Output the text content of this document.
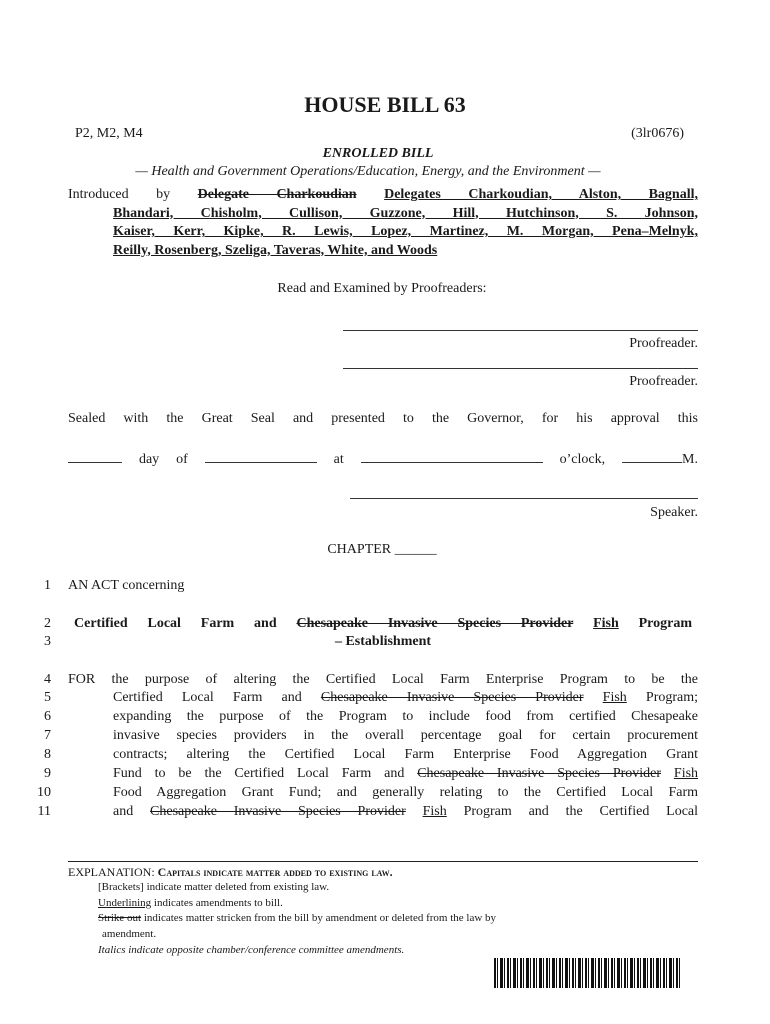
HOUSE BILL 63
P2, M2, M4	(3lr0676)
ENROLLED BILL
— Health and Government Operations/Education, Energy, and the Environment —
Introduced by Delegate Charkoudian Delegates Charkoudian, Alston, Bagnall,
Bhandari, Chisholm, Cullison, Guzzone, Hill, Hutchinson, S. Johnson,
Kaiser, Kerr, Kipke, R. Lewis, Lopez, Martinez, M. Morgan, Pena–Melnyk,
Reilly, Rosenberg, Szeliga, Taveras, White, and Woods
Read and Examined by Proofreaders:
Proofreader.
Proofreader.
Sealed with the Great Seal and presented to the Governor, for his approval this
day of	at	o’clock,	M.
Speaker.
CHAPTER ______
1 AN ACT concerning
2	Certified Local Farm and Chesapeake Invasive Species Provider Fish Program
3	– Establishment
4 FOR the purpose of altering the Certified Local Farm Enterprise Program to be the
5	Certified Local Farm and Chesapeake Invasive Species Provider Fish Program;
6	expanding the purpose of the Program to include food from certified Chesapeake
7	invasive species providers in the overall percentage goal for certain procurement
8	contracts; altering the Certified Local Farm Enterprise Food Aggregation Grant
9	Fund to be the Certified Local Farm and Chesapeake Invasive Species Provider Fish
10	Food Aggregation Grant Fund; and generally relating to the Certified Local Farm
11	and Chesapeake Invasive Species Provider Fish Program and the Certified Local
EXPLANATION: Capitals indicate matter added to existing law.
[Brackets] indicate matter deleted from existing law.
Underlining indicates amendments to bill.
Strike out indicates matter stricken from the bill by amendment or deleted from the law by
amendment.
Italics indicate opposite chamber/conference committee amendments.
